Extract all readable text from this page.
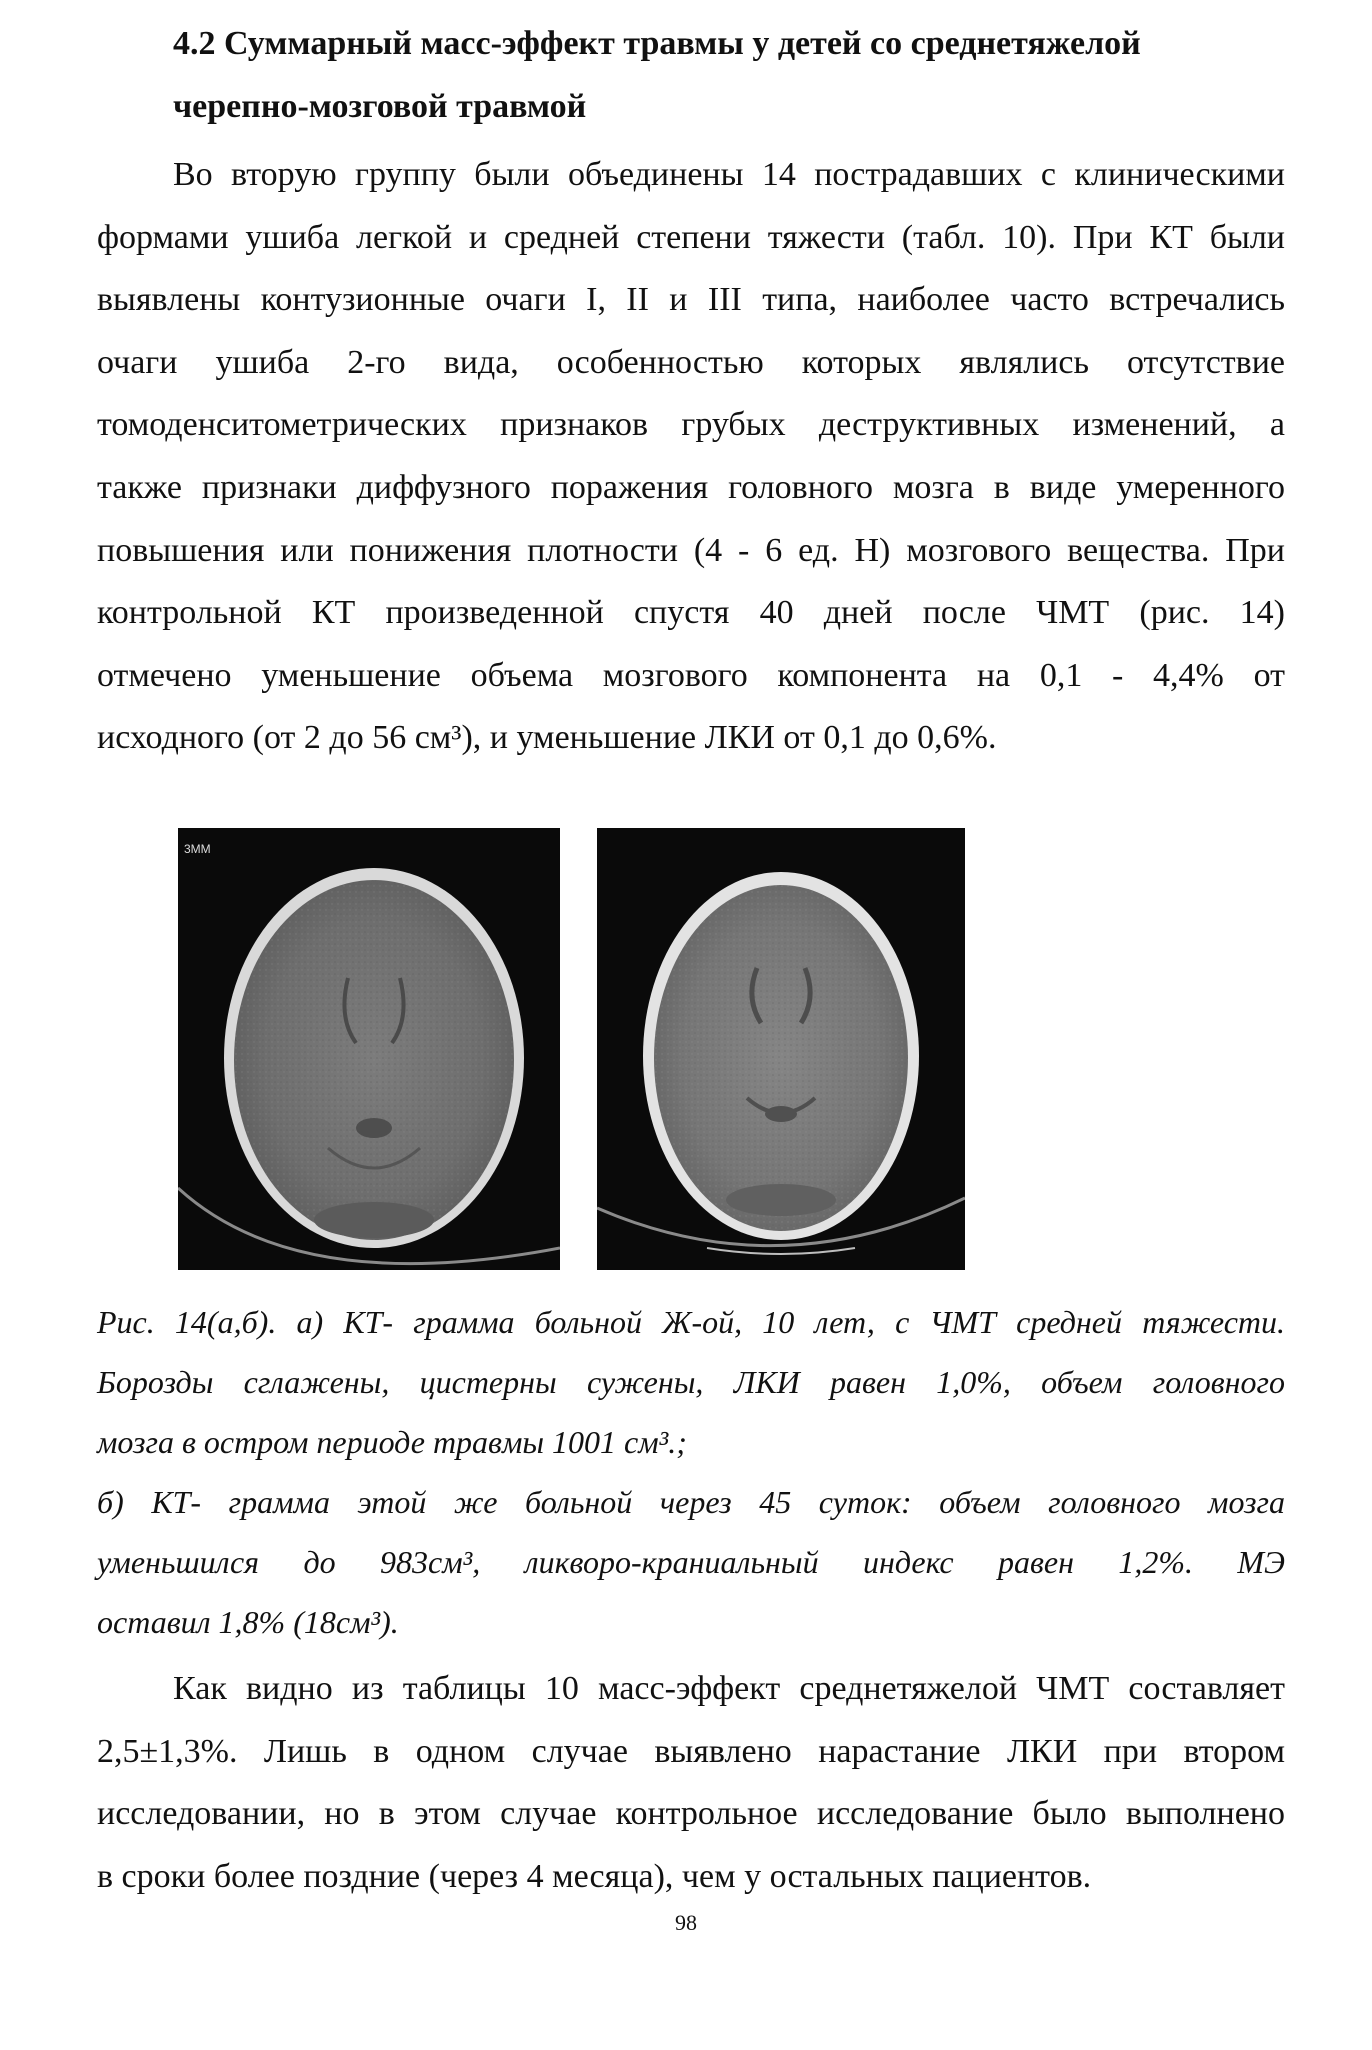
4.2 Суммарный масс-эффект травмы у детей со среднетяжелой
черепно-мозговой травмой
Во вторую группу были объединены 14 пострадавших с клиническими
формами ушиба легкой и средней степени тяжести (табл. 10). При КТ были
выявлены контузионные очаги I, II и III типа, наиболее часто встречались
очаги ушиба 2-го вида, особенностью которых являлись отсутствие
томоденситометрических признаков грубых деструктивных изменений, а
также признаки диффузного поражения головного мозга в виде умеренного
повышения или понижения плотности (4 - 6 ед. Н) мозгового вещества. При
контрольной КТ произведенной спустя 40 дней после ЧМТ (рис. 14)
отмечено уменьшение объема мозгового компонента на 0,1 - 4,4% от
исходного (от 2 до 56 см³), и уменьшение ЛКИ от 0,1 до 0,6%.
3MM
Рис. 14(а,б). а) КТ- грамма больной Ж-ой, 10 лет, с ЧМТ средней тяжести.
Борозды сглажены, цистерны сужены, ЛКИ равен 1,0%, объем головного
мозга в остром периоде травмы 1001 см³.;
б) КТ- грамма этой же больной через 45 суток: объем головного мозга
уменьшился до 983см³, ликворо-краниальный индекс равен 1,2%. МЭ
оставил 1,8% (18см³).
Как видно из таблицы 10 масс-эффект среднетяжелой ЧМТ составляет
2,5±1,3%. Лишь в одном случае выявлено нарастание ЛКИ при втором
исследовании, но в этом случае контрольное исследование было выполнено
в сроки более поздние (через 4 месяца), чем у остальных пациентов.
98
